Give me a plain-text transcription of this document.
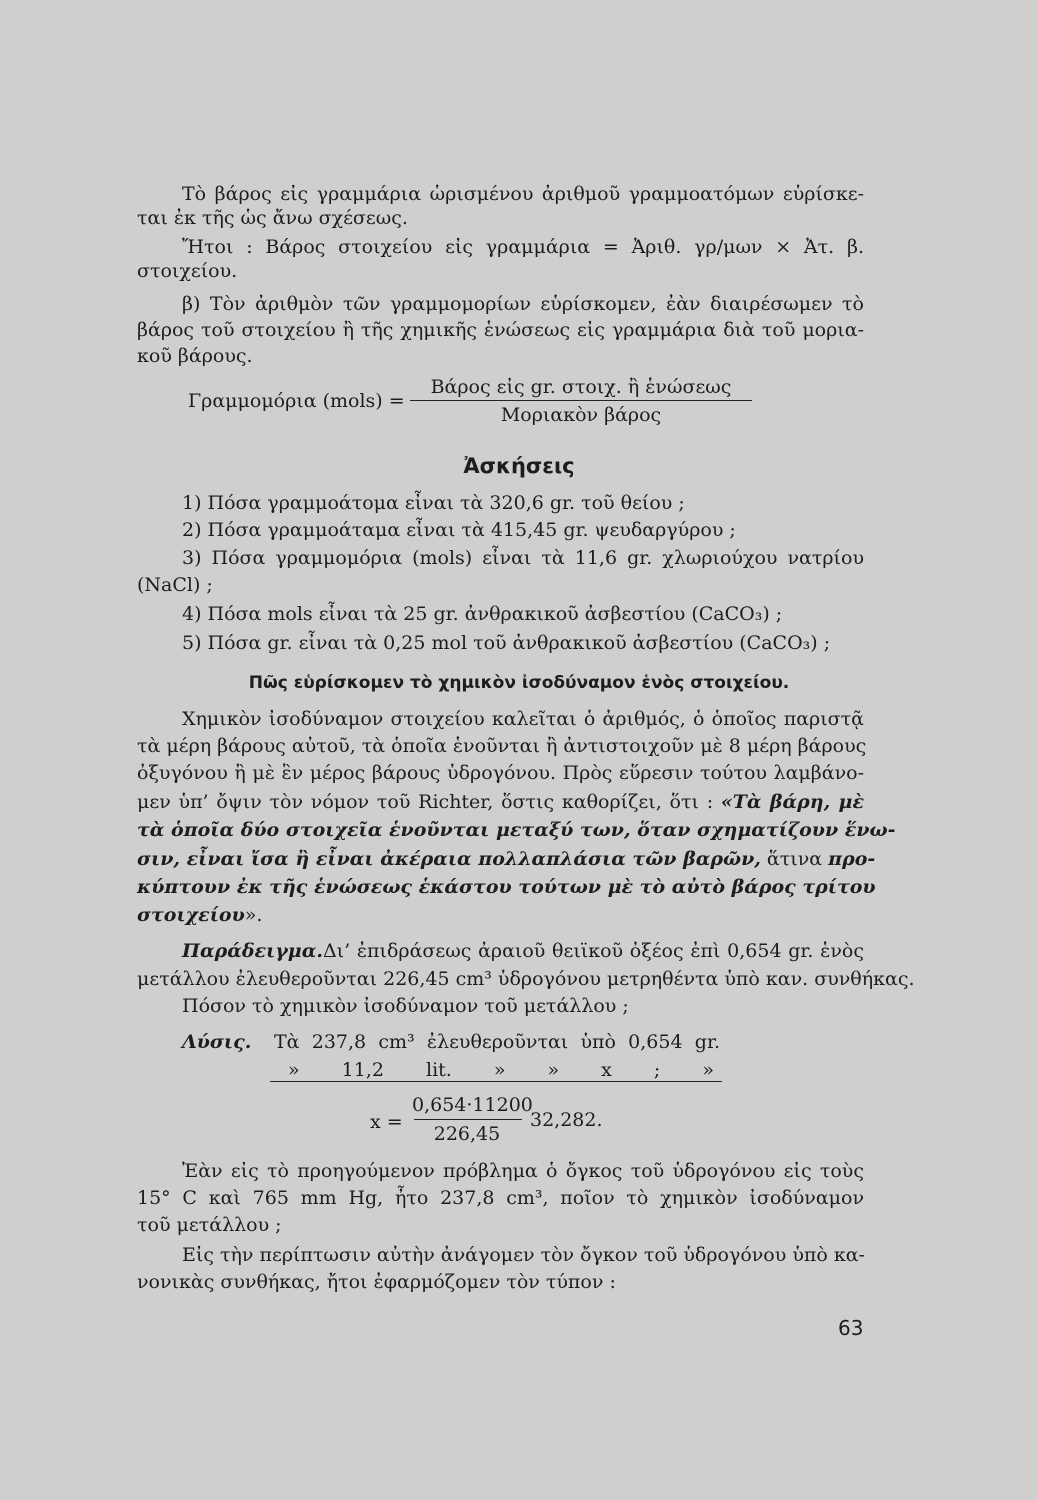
Τὸ βάρος εἰς γραμμάρια ὡρισμένου ἀριθμοῦ γραμμοατόμων εὑρίσκε-
ται ἐκ τῆς ὡς ἄνω σχέσεως.
Ἤτοι : Βάρος στοιχείου εἰς γραμμάρια = Ἀριθ. γρ/μων × Ἀτ. β.
στοιχείου.
β) Τὸν ἀριθμὸν τῶν γραμμομορίων εὑρίσκομεν, ἐὰν διαιρέσωμεν τὸ
βάρος τοῦ στοιχείου ἢ τῆς χημικῆς ἑνώσεως εἰς γραμμάρια διὰ τοῦ μορια-
κοῦ βάρους.
Γραμμομόρια (mols) =
Βάρος εἰς gr. στοιχ. ἢ ἑνώσεως
Μοριακὸν βάρος
Ἀσκήσεις
1) Πόσα γραμμοάτομα εἶναι τὰ 320,6 gr. τοῦ θείου ;
2) Πόσα γραμμοάταμα εἶναι τὰ 415,45 gr. ψευδαργύρου ;
3) Πόσα γραμμομόρια (mols) εἶναι τὰ 11,6 gr. χλωριούχου νατρίου
(NaCl) ;
4) Πόσα mols εἶναι τὰ 25 gr. ἀνθρακικοῦ ἀσβεστίου (CaCO₃) ;
5) Πόσα gr. εἶναι τὰ 0,25 mol τοῦ ἀνθρακικοῦ ἀσβεστίου (CaCO₃) ;
Πῶς εὑρίσκομεν τὸ χημικὸν ἰσοδύναμον ἑνὸς στοιχείου.
Χημικὸν ἰσοδύναμον στοιχείου καλεῖται ὁ ἀριθμός, ὁ ὁποῖος παριστᾷ
τὰ μέρη βάρους αὐτοῦ, τὰ ὁποῖα ἑνοῦνται ἢ ἀντιστοιχοῦν μὲ 8 μέρη βάρους
ὀξυγόνου ἢ μὲ ἓν μέρος βάρους ὑδρογόνου. Πρὸς εὕρεσιν τούτου λαμβάνο-
μεν ὑπ’ ὄψιν τὸν νόμον τοῦ Richter, ὅστις καθορίζει, ὅτι : «Τὰ βάρη, μὲ
τὰ ὁποῖα δύο στοιχεῖα ἑνοῦνται μεταξύ των, ὅταν σχηματίζουν ἕνω-
σιν, εἶναι ἴσα ἢ εἶναι ἀκέραια πολλαπλάσια τῶν βαρῶν, ἅτινα προ-
κύπτουν ἐκ τῆς ἑνώσεως ἑκάστου τούτων μὲ τὸ αὐτὸ βάρος τρίτου
στοιχείου».
Παράδειγμα. Δι’ ἐπιδράσεως ἀραιοῦ θειϊκοῦ ὀξέος ἐπὶ 0,654 gr. ἑνὸς
μετάλλου ἐλευθεροῦνται 226,45 cm³ ὑδρογόνου μετρηθέντα ὑπὸ καν. συνθήκας.
Πόσον τὸ χημικὸν ἰσοδύναμον τοῦ μετάλλου ;
Λύσις. Τὰ 237,8 cm³ ἐλευθεροῦνται ὑπὸ 0,654 gr.
» 11,2 lit. » » x ; »
x =
0,654·11200
226,45
32,282.
Ἐὰν εἰς τὸ προηγούμενον πρόβλημα ὁ ὄγκος τοῦ ὑδρογόνου εἰς τοὺς
15° C καὶ 765 mm Hg, ἦτο 237,8 cm³, ποῖον τὸ χημικὸν ἰσοδύναμον
τοῦ μετάλλου ;
Εἰς τὴν περίπτωσιν αὐτὴν ἀνάγομεν τὸν ὄγκον τοῦ ὑδρογόνου ὑπὸ κα-
νονικὰς συνθήκας, ἤτοι ἐφαρμόζομεν τὸν τύπον :
63
